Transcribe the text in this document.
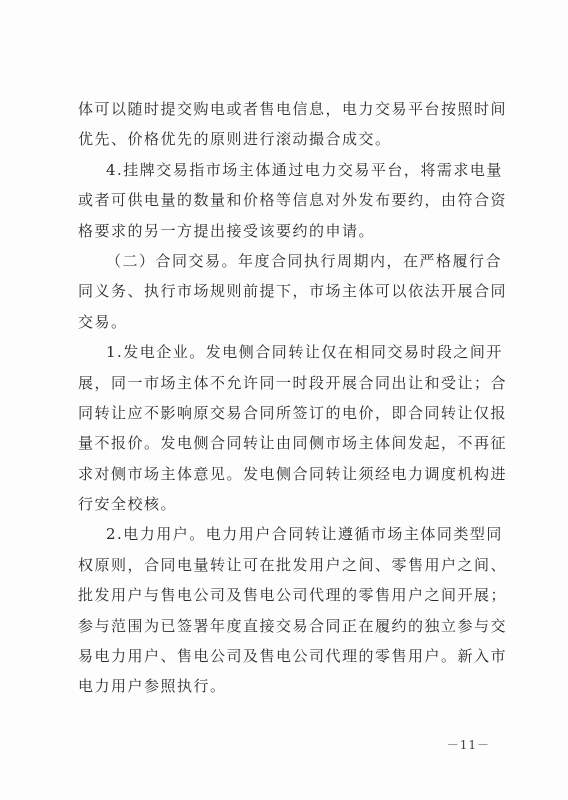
体可以随时提交购电或者售电信息，电力交易平台按照时间
优先、价格优先的原则进行滚动撮合成交。
4.挂牌交易指市场主体通过电力交易平台，将需求电量
或者可供电量的数量和价格等信息对外发布要约，由符合资
格要求的另一方提出接受该要约的申请。
（二）合同交易。年度合同执行周期内，在严格履行合
同义务、执行市场规则前提下，市场主体可以依法开展合同
交易。
1.发电企业。发电侧合同转让仅在相同交易时段之间开
展，同一市场主体不允许同一时段开展合同出让和受让；合
同转让应不影响原交易合同所签订的电价，即合同转让仅报
量不报价。发电侧合同转让由同侧市场主体间发起，不再征
求对侧市场主体意见。发电侧合同转让须经电力调度机构进
行安全校核。
2.电力用户。电力用户合同转让遵循市场主体同类型同
权原则，合同电量转让可在批发用户之间、零售用户之间、
批发用户与售电公司及售电公司代理的零售用户之间开展；
参与范围为已签署年度直接交易合同正在履约的独立参与交
易电力用户、售电公司及售电公司代理的零售用户。新入市
电力用户参照执行。
－11－
